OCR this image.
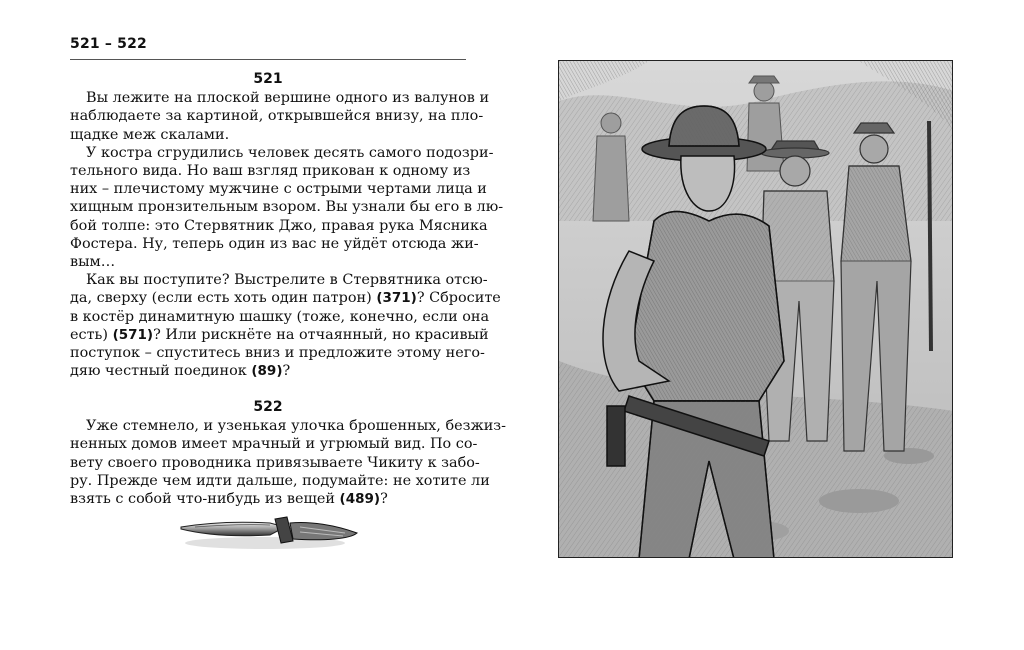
521 – 522
521

Вы лежите на плоской вершине одного из валунов и
наблюдаете за картиной, открывшейся внизу, на пло-
щадке меж скалами.

У костра сгрудились человек десять самого подозри-
тельного вида. Но ваш взгляд прикован к одному из
них – плечистому мужчине с острыми чертами лица и
хищным пронзительным взором. Вы узнали бы его в лю-
бой толпе: это Стервятник Джо, правая рука Мясника
Фостера. Ну, теперь один из вас не уйдёт отсюда жи-
вым…

Как вы поступите? Выстрелите в Стервятника отсю-
да, сверху (если есть хоть один патрон) (371)? Сбросите
в костёр динамитную шашку (тоже, конечно, если она
есть) (571)? Или рискнёте на отчаянный, но красивый
поступок – спуститесь вниз и предложите этому него-
дяю честный поединок (89)?

522

Уже стемнело, и узенькая улочка брошенных, безжиз-
ненных домов имеет мрачный и угрюмый вид. По со-
вету своего проводника привязываете Чикиту к забо-
ру. Прежде чем идти дальше, подумайте: не хотите ли
взять с собой что-нибудь из вещей (489)?
